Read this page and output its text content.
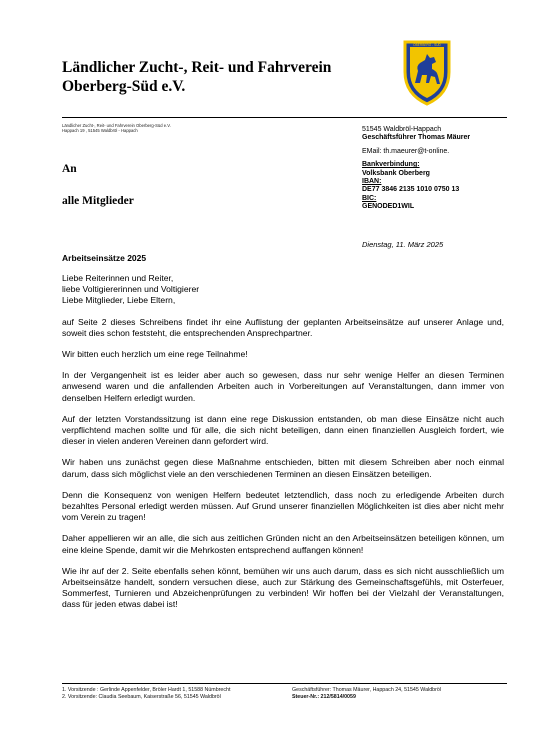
Ländlicher Zucht-, Reit- und Fahrverein
Oberberg-Süd e.V.
OBERBERG - SÜD
Ländlicher Zucht-, Reit- und Fahrverein Oberberg-Süd e.V.
Happach 19 , 51545 Waldbröl - Happach
An
alle Mitglieder
51545 Waldbröl-Happach
Geschäftsführer Thomas Mäurer
EMail: th.maeurer@t-online.
Bankverbindung:
Volksbank Oberberg
IBAN:
DE77 3846 2135 1010 0750 13
BIC:
GENODED1WIL
Dienstag, 11. März 2025
Arbeitseinsätze 2025
Liebe Reiterinnen und Reiter,
liebe Voltigiererinnen und Voltigierer
Liebe Mitglieder, Liebe Eltern,

auf Seite 2 dieses Schreibens findet ihr eine Auflistung der geplanten Arbeitseinsätze auf unserer Anlage und, soweit dies schon feststeht, die entsprechenden Ansprechpartner.

Wir bitten euch herzlich um eine rege Teilnahme!

In der Vergangenheit ist es leider aber auch so gewesen, dass nur sehr wenige Helfer an diesen Terminen anwesend waren und die anfallenden Arbeiten auch in Vorbereitungen auf Veranstaltungen, dann immer von denselben Helfern erledigt wurden.

Auf der letzten Vorstandssitzung ist dann eine rege Diskussion entstanden, ob man diese Einsätze nicht auch verpflichtend machen sollte und für alle, die sich nicht beteiligen, dann einen finanziellen Ausgleich fordert, wie dieser in vielen anderen Vereinen dann gefordert wird.

Wir haben uns zunächst gegen diese Maßnahme entschieden, bitten mit diesem Schreiben aber noch einmal darum, dass sich möglichst viele an den verschiedenen Terminen an diesen Einsätzen beteiligen.

Denn die Konsequenz von wenigen Helfern bedeutet letztendlich, dass noch zu erledigende Arbeiten durch bezahltes Personal erledigt werden müssen. Auf Grund unserer finanziellen Möglichkeiten ist dies aber nicht mehr vom Verein zu tragen!

Daher appellieren wir an alle, die sich aus zeitlichen Gründen nicht an den Arbeitseinsätzen beteiligen können, um eine kleine Spende, damit wir die Mehrkosten entsprechend auffangen können!

Wie ihr auf der 2. Seite ebenfalls sehen könnt, bemühen wir uns auch darum, dass es sich nicht ausschließlich um Arbeitseinsätze handelt, sondern versuchen diese, auch zur Stärkung des Gemeinschaftsgefühls, mit Osterfeuer, Sommerfest, Turnieren und Abzeichenprüfungen zu verbinden! Wir hoffen bei der Vielzahl der Veranstaltungen, dass für jeden etwas dabei ist!

1. Vorsitzende : Gerlinde Appenfelder, Bröler Hardt 1, 51588 Nümbrecht
2. Vorsitzende: Claudia Seebaum, Kaiserstraße 56, 51545 Waldbröl
Geschäftsführer: Thomas Mäurer, Happach 24, 51545 Waldbröl
Steuer-Nr.: 212/5814/0059
